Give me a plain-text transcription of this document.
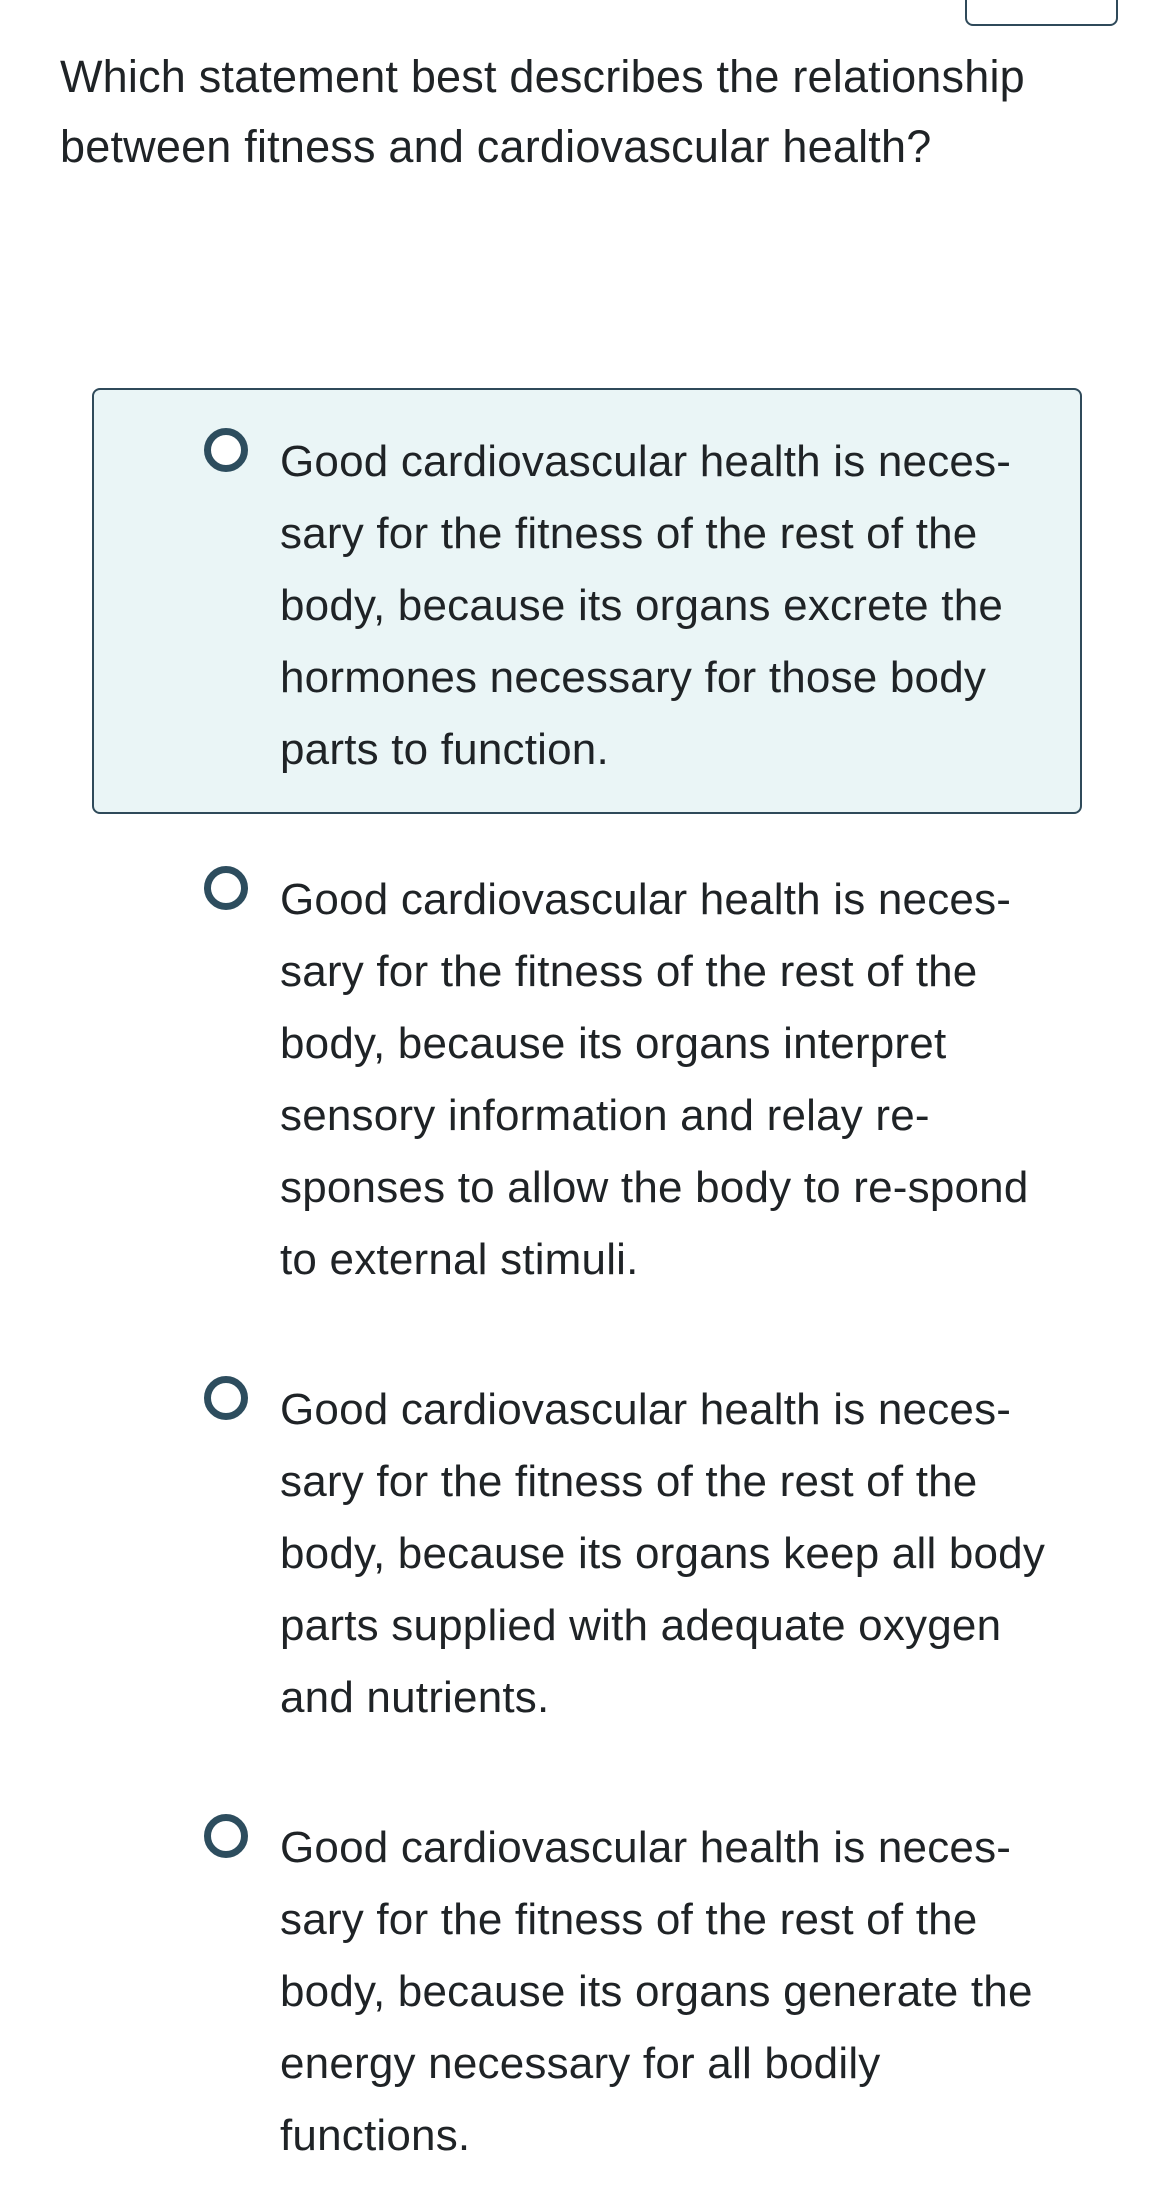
Which statement best describes the relationship between fitness and cardiovascular health?
Good cardiovascular health is neces-sary for the fitness of the rest of the body, because its organs excrete the hormones necessary for those body parts to function.
Good cardiovascular health is neces-sary for the fitness of the rest of the body, because its organs interpret sensory information and relay re-sponses to allow the body to re-spond to external stimuli.
Good cardiovascular health is neces-sary for the fitness of the rest of the body, because its organs keep all body parts supplied with adequate oxygen and nutrients.
Good cardiovascular health is neces-sary for the fitness of the rest of the body, because its organs generate the energy necessary for all bodily functions.
